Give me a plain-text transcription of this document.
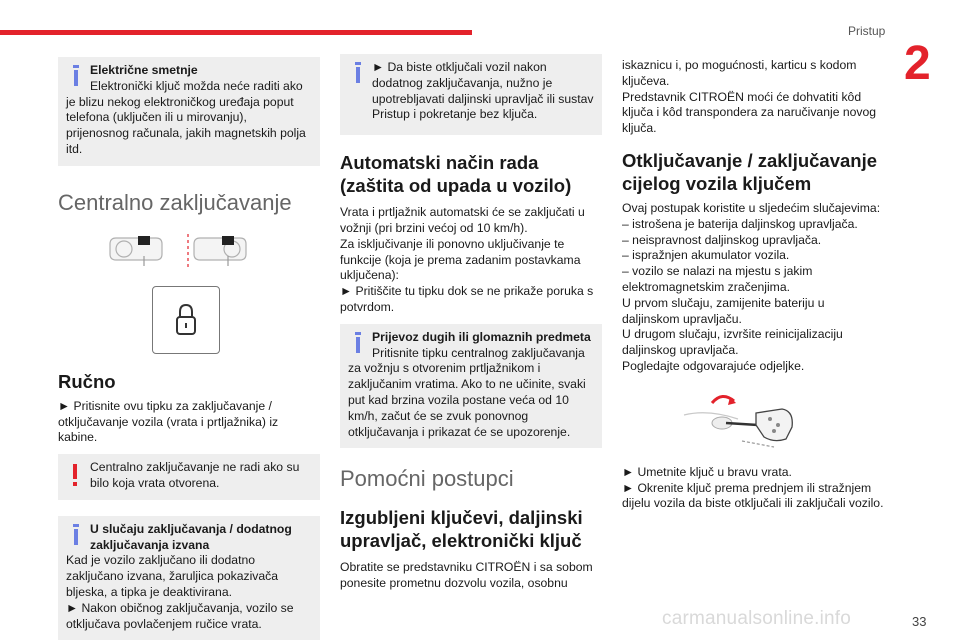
Pristup
2

Električne smetnje

Elektronički ključ možda neće raditi ako je blizu nekog elektroničkog uređaja poput telefona (uključen ili u mirovanju), prijenosnog računala, jakih magnetskih polja itd.

Centralno zaključavanje
Ručno

► Pritisnite ovu tipku za zaključavanje / otključavanje vozila (vrata i prtljažnika) iz kabine.

Centralno zaključavanje ne radi ako su bilo koja vrata otvorena.

U slučaju zaključavanja / dodatnog zaključavanja izvana

Kad je vozilo zaključano ili dodatno zaključano izvana, žaruljica pokazivača bljeska, a tipka je deaktivirana.

► Nakon običnog zaključavanja, vozilo se otključava povlačenjem ručice vrata.

► Da biste otključali vozil nakon dodatnog zaključavanja, nužno je upotrebljavati daljinski upravljač ili sustav Pristup i pokretanje bez ključa.

Automatski način rada (zaštita od upada u vozilo)

Vrata i prtljažnik automatski će se zaključati u vožnji (pri brzini većoj od 10 km/h).

Za isključivanje ili ponovno uključivanje te funkcije (koja je prema zadanim postavkama uključena):

► Pritiščite tu tipku dok se ne prikaže poruka s potvrdom.

Prijevoz dugih ili glomaznih predmeta

Pritisnite tipku centralnog zaključavanja za vožnju s otvorenim prtljažnikom i zaključanim vratima. Ako to ne učinite, svaki put kad brzina vozila postane veća od 10 km/h, začut će se zvuk ponovnog otključavanja i prikazat će se upozorenje.

Pomoćni postupci
Izgubljeni ključevi, daljinski upravljač, elektronički ključ

Obratite se predstavniku CITROËN i sa sobom ponesite prometnu dozvolu vozila, osobnu

iskaznicu i, po mogućnosti, karticu s kodom ključeva.

Predstavnik CITROËN moći će dohvatiti kôd ključa i kôd transpondera za naručivanje novog ključa.

Otključavanje / zaključavanje cijelog vozila ključem

Ovaj postupak koristite u sljedećim slučajevima:

– istrošena je baterija daljinskog upravljača.

– neispravnost daljinskog upravljača.

– ispražnjen akumulator vozila.

– vozilo se nalazi na mjestu s jakim elektromagnetskim zračenjima.

U prvom slučaju, zamijenite bateriju u daljinskom upravljaču.

U drugom slučaju, izvršite reinicijalizaciju daljinskog upravljača.

Pogledajte odgovarajuće odjeljke.

► Umetnite ključ u bravu vrata.

► Okrenite ključ prema prednjem ili stražnjem dijelu vozila da biste otključali ili zaključali vozilo.

carmanualsonline.info	33
